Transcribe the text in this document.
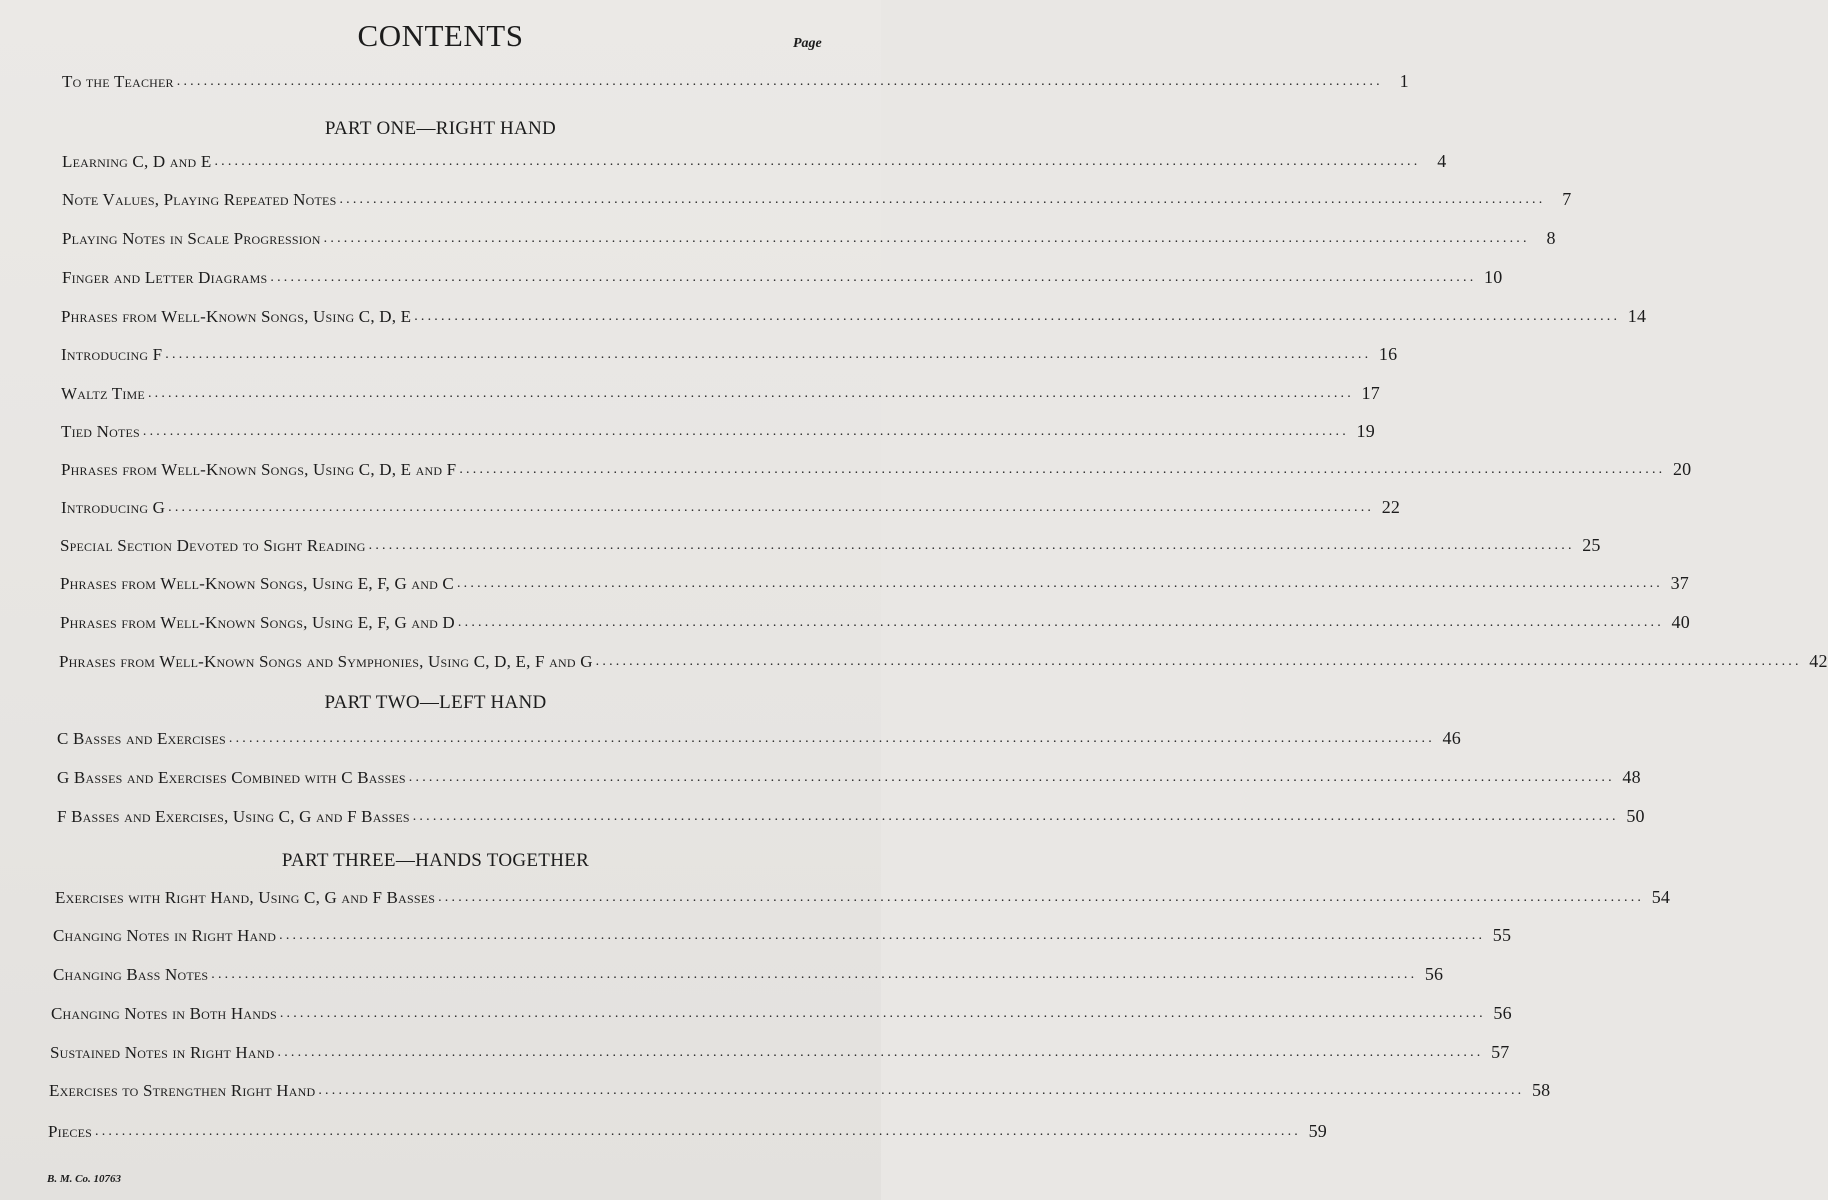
CONTENTS	Page
To the Teacher .................................................................................................................................................................................... 1
PART ONE—RIGHT HAND
Learning C, D and E .................................................................................................................................................................................... 4
Note Values, Playing Repeated Notes .................................................................................................................................................................................... 7
Playing Notes in Scale Progression .................................................................................................................................................................................... 8
Finger and Letter Diagrams .................................................................................................................................................................................... 10
Phrases from Well-Known Songs, Using C, D, E .................................................................................................................................................................................... 14
Introducing F .................................................................................................................................................................................... 16
Waltz Time .................................................................................................................................................................................... 17
Tied Notes .................................................................................................................................................................................... 19
Phrases from Well-Known Songs, Using C, D, E and F .................................................................................................................................................................................... 20
Introducing G .................................................................................................................................................................................... 22
Special Section Devoted to Sight Reading .................................................................................................................................................................................... 25
Phrases from Well-Known Songs, Using E, F, G and C .................................................................................................................................................................................... 37
Phrases from Well-Known Songs, Using E, F, G and D .................................................................................................................................................................................... 40
Phrases from Well-Known Songs and Symphonies, Using C, D, E, F and G .................................................................................................................................................................................... 42
PART TWO—LEFT HAND
C Basses and Exercises .................................................................................................................................................................................... 46
G Basses and Exercises Combined with C Basses .................................................................................................................................................................................... 48
F Basses and Exercises, Using C, G and F Basses .................................................................................................................................................................................... 50
PART THREE—HANDS TOGETHER
Exercises with Right Hand, Using C, G and F Basses .................................................................................................................................................................................... 54
Changing Notes in Right Hand .................................................................................................................................................................................... 55
Changing Bass Notes .................................................................................................................................................................................... 56
Changing Notes in Both Hands .................................................................................................................................................................................... 56
Sustained Notes in Right Hand .................................................................................................................................................................................... 57
Exercises to Strengthen Right Hand .................................................................................................................................................................................... 58
Pieces .................................................................................................................................................................................... 59
B. M. Co. 10763
